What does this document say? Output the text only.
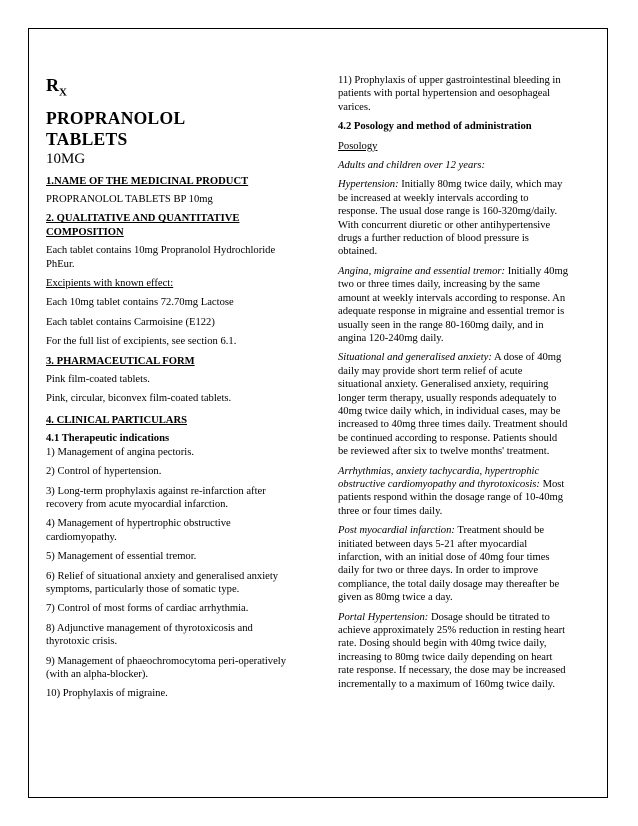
$R_X$

PROPRANOLOL

TABLETS

10MG

1.NAME OF THE MEDICINAL PRODUCT

PROPRANOLOL TABLETS BP 10mg

2. QUALITATIVE AND QUANTITATIVE COMPOSITION

Each tablet contains 10mg Propranolol Hydrochloride PhEur.

Excipients with known effect:

Each 10mg tablet contains 72.70mg Lactose

Each tablet contains Carmoisine (E122)

For the full list of excipients, see section 6.1.

3. PHARMACEUTICAL FORM

Pink film-coated tablets.

Pink, circular, biconvex film-coated tablets.

4. CLINICAL PARTICULARS

4.1 Therapeutic indications

1) Management of angina pectoris.

2) Control of hypertension.

3) Long-term prophylaxis against re-infarction after recovery from acute myocardial infarction.

4) Management of hypertrophic obstructive cardiomyopathy.

5) Management of essential tremor.

6) Relief of situational anxiety and generalised anxiety symptoms, particularly those of somatic type.

7) Control of most forms of cardiac arrhythmia.

8) Adjunctive management of thyrotoxicosis and thyrotoxic crisis.

9) Management of phaeochromocytoma peri-operatively (with an alpha-blocker).

10) Prophylaxis of migraine.

11) Prophylaxis of upper gastrointestinal bleeding in patients with portal hypertension and oesophageal varices.

4.2 Posology and method of administration

Posology

Adults and children over 12 years:

Hypertension: Initially 80mg twice daily, which may be increased at weekly intervals according to response. The usual dose range is 160-320mg/daily. With concurrent diuretic or other antihypertensive drugs a further reduction of blood pressure is obtained.

Angina, migraine and essential tremor: Initially 40mg two or three times daily, increasing by the same amount at weekly intervals according to response. An adequate response in migraine and essential tremor is usually seen in the range 80-160mg daily, and in angina 120-240mg daily.

Situational and generalised anxiety: A dose of 40mg daily may provide short term relief of acute situational anxiety. Generalised anxiety, requiring longer term therapy, usually responds adequately to 40mg twice daily which, in individual cases, may be increased to 40mg three times daily. Treatment should be continued according to response. Patients should be reviewed after six to twelve months' treatment.

Arrhythmias, anxiety tachycardia, hypertrophic obstructive cardiomyopathy and thyrotoxicosis: Most patients respond within the dosage range of 10-40mg three or four times daily.

Post myocardial infarction: Treatment should be initiated between days 5-21 after myocardial infarction, with an initial dose of 40mg four times daily for two or three days. In order to improve compliance, the total daily dosage may thereafter be given as 80mg twice a day.

Portal Hypertension: Dosage should be titrated to achieve approximately 25% reduction in resting heart rate. Dosing should begin with 40mg twice daily, increasing to 80mg twice daily depending on heart rate response. If necessary, the dose may be increased incrementally to a maximum of 160mg twice daily.
